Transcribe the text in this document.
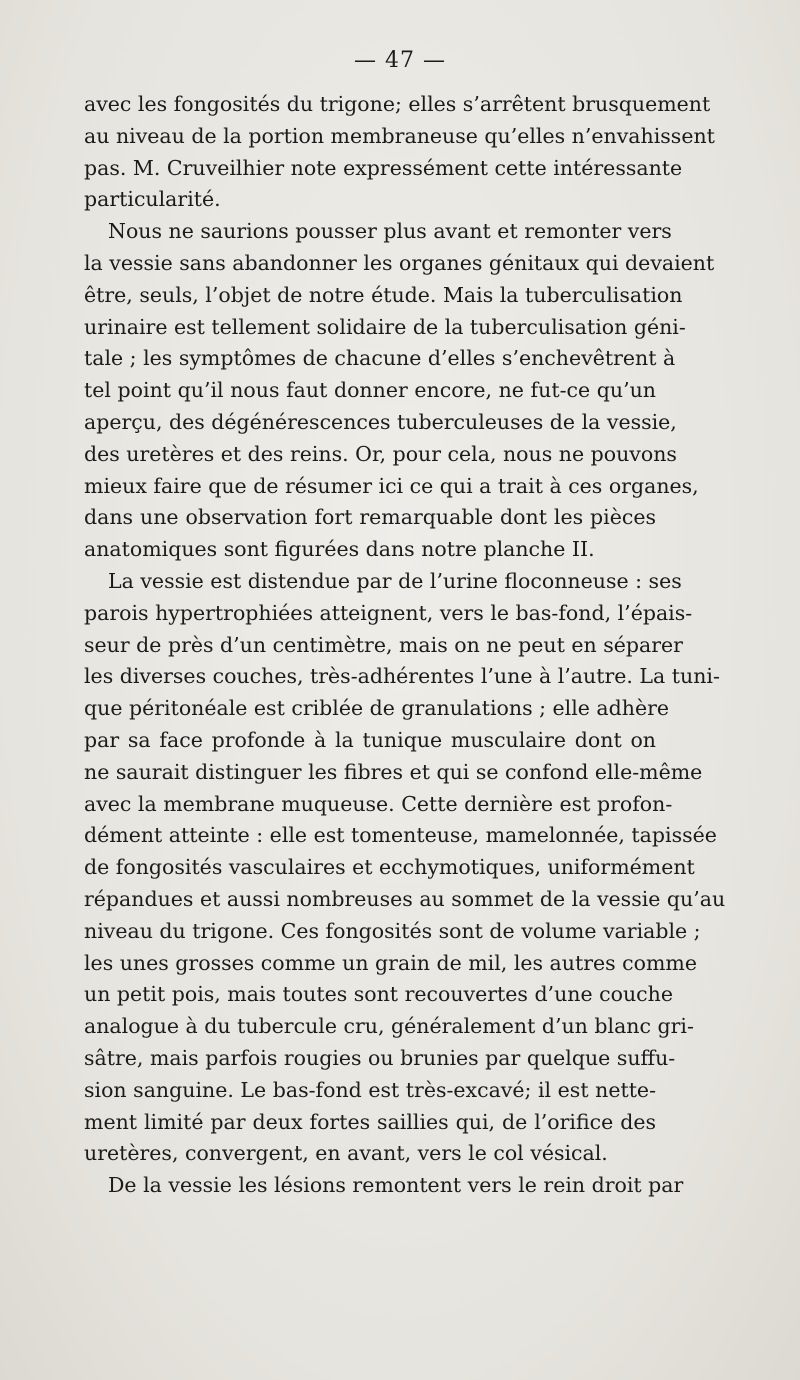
— 47 —
avec les fongosités du trigone; elles s’arrêtent brusquement
au niveau de la portion membraneuse qu’elles n’envahissent
pas. M. Cruveilhier note expressément cette intéressante
particularité.
Nous ne saurions pousser plus avant et remonter vers
la vessie sans abandonner les organes génitaux qui devaient
être, seuls, l’objet de notre étude. Mais la tuberculisation
urinaire est tellement solidaire de la tuberculisation géni-
tale ; les symptômes de chacune d’elles s’enchevêtrent à
tel point qu’il nous faut donner encore, ne fut-ce qu’un
aperçu, des dégénérescences tuberculeuses de la vessie,
des uretères et des reins. Or, pour cela, nous ne pouvons
mieux faire que de résumer ici ce qui a trait à ces organes,
dans une observation fort remarquable dont les pièces
anatomiques sont figurées dans notre planche II.
La vessie est distendue par de l’urine floconneuse : ses
parois hypertrophiées atteignent, vers le bas-fond, l’épais-
seur de près d’un centimètre, mais on ne peut en séparer
les diverses couches, très-adhérentes l’une à l’autre. La tuni-
que péritonéale est criblée de granulations ; elle adhère
par sa face profonde à la tunique musculaire dont on
ne saurait distinguer les fibres et qui se confond elle-même
avec la membrane muqueuse. Cette dernière est profon-
dément atteinte : elle est tomenteuse, mamelonnée, tapissée
de fongosités vasculaires et ecchymotiques, uniformément
répandues et aussi nombreuses au sommet de la vessie qu’au
niveau du trigone. Ces fongosités sont de volume variable ;
les unes grosses comme un grain de mil, les autres comme
un petit pois, mais toutes sont recouvertes d’une couche
analogue à du tubercule cru, généralement d’un blanc gri-
sâtre, mais parfois rougies ou brunies par quelque suffu-
sion sanguine. Le bas-fond est très-excavé; il est nette-
ment limité par deux fortes saillies qui, de l’orifice des
uretères, convergent, en avant, vers le col vésical.
De la vessie les lésions remontent vers le rein droit par
